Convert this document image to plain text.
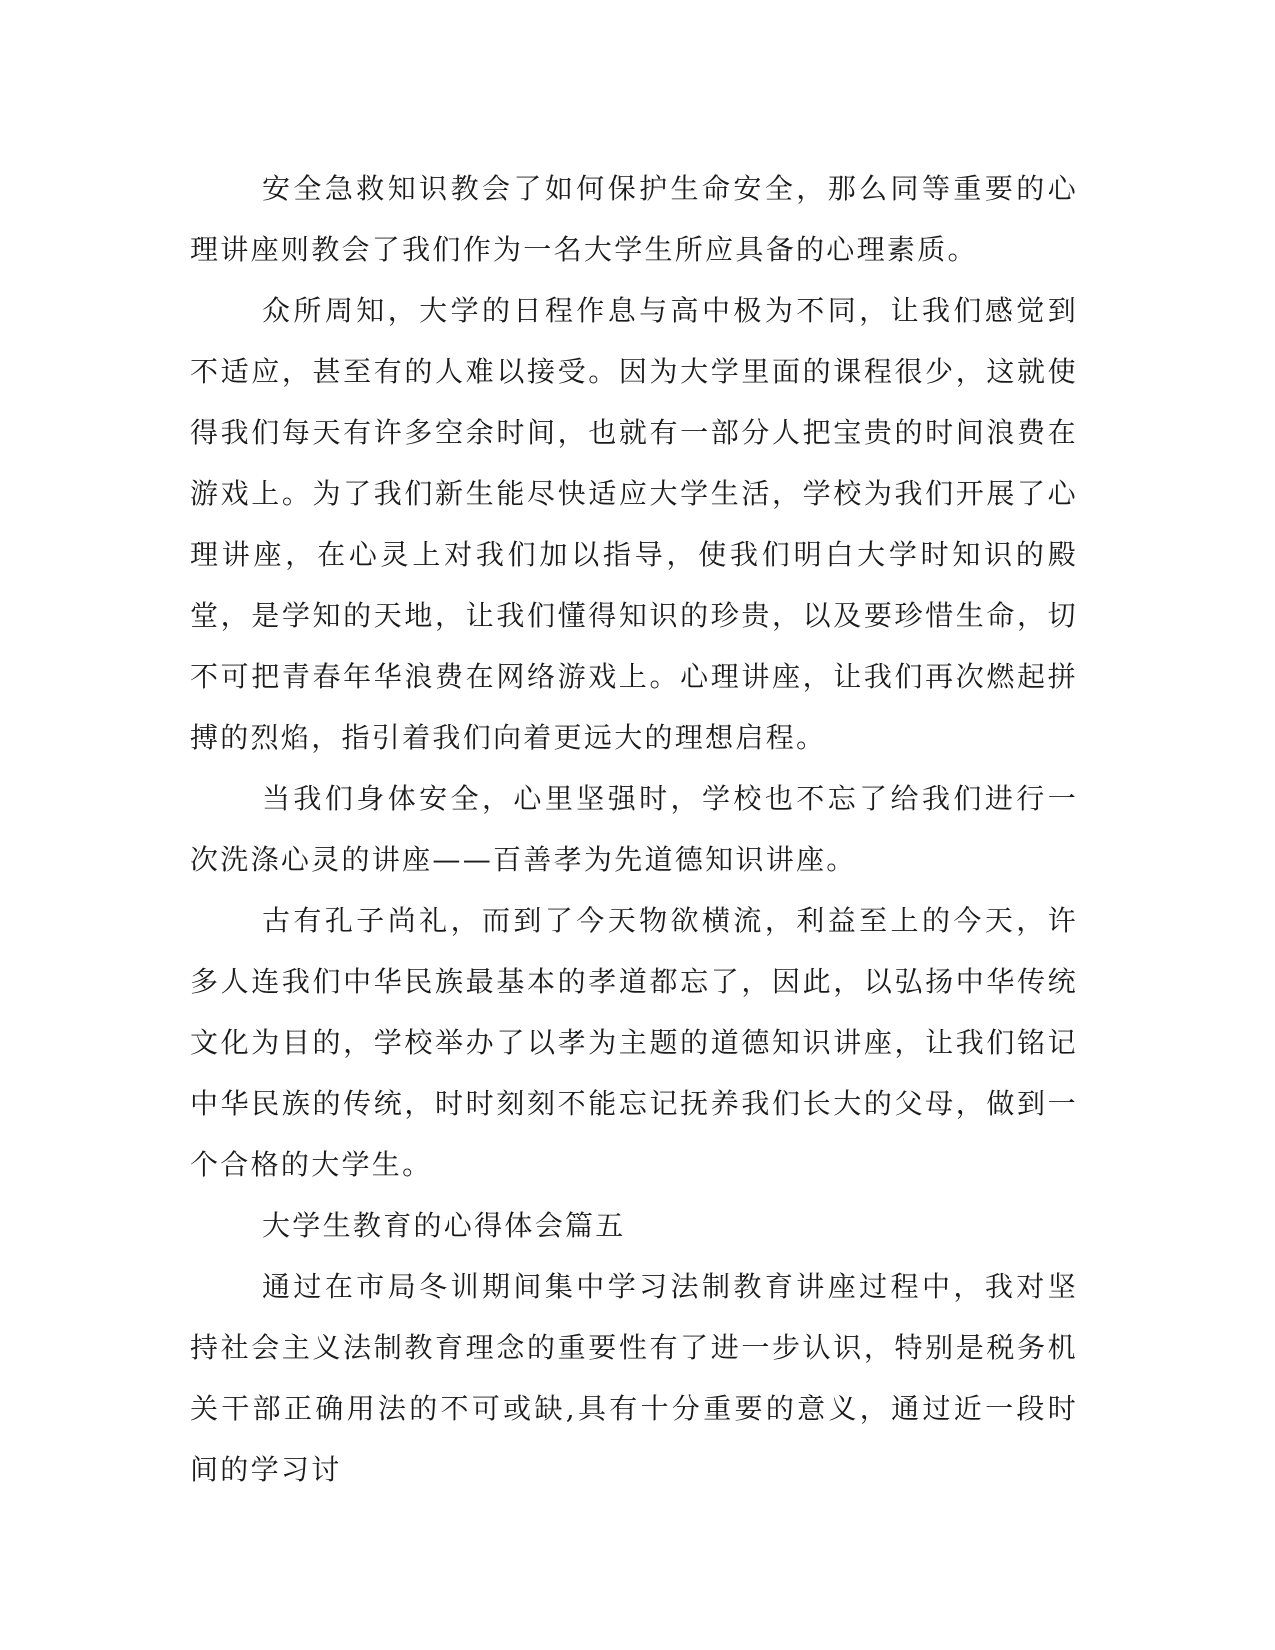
安全急救知识教会了如何保护生命安全，那么同等重要的心理讲座则教会了我们作为一名大学生所应具备的心理素质。

众所周知，大学的日程作息与高中极为不同，让我们感觉到不适应，甚至有的人难以接受。因为大学里面的课程很少，这就使得我们每天有许多空余时间，也就有一部分人把宝贵的时间浪费在游戏上。为了我们新生能尽快适应大学生活，学校为我们开展了心理讲座，在心灵上对我们加以指导，使我们明白大学时知识的殿堂，是学知的天地，让我们懂得知识的珍贵，以及要珍惜生命，切不可把青春年华浪费在网络游戏上。心理讲座，让我们再次燃起拼搏的烈焰，指引着我们向着更远大的理想启程。

当我们身体安全，心里坚强时，学校也不忘了给我们进行一次洗涤心灵的讲座——百善孝为先道德知识讲座。

古有孔子尚礼，而到了今天物欲横流，利益至上的今天，许多人连我们中华民族最基本的孝道都忘了，因此，以弘扬中华传统文化为目的，学校举办了以孝为主题的道德知识讲座，让我们铭记中华民族的传统，时时刻刻不能忘记抚养我们长大的父母，做到一个合格的大学生。

大学生教育的心得体会篇五

通过在市局冬训期间集中学习法制教育讲座过程中，我对坚持社会主义法制教育理念的重要性有了进一步认识，特别是税务机关干部正确用法的不可或缺,具有十分重要的意义，通过近一段时间的学习讨
